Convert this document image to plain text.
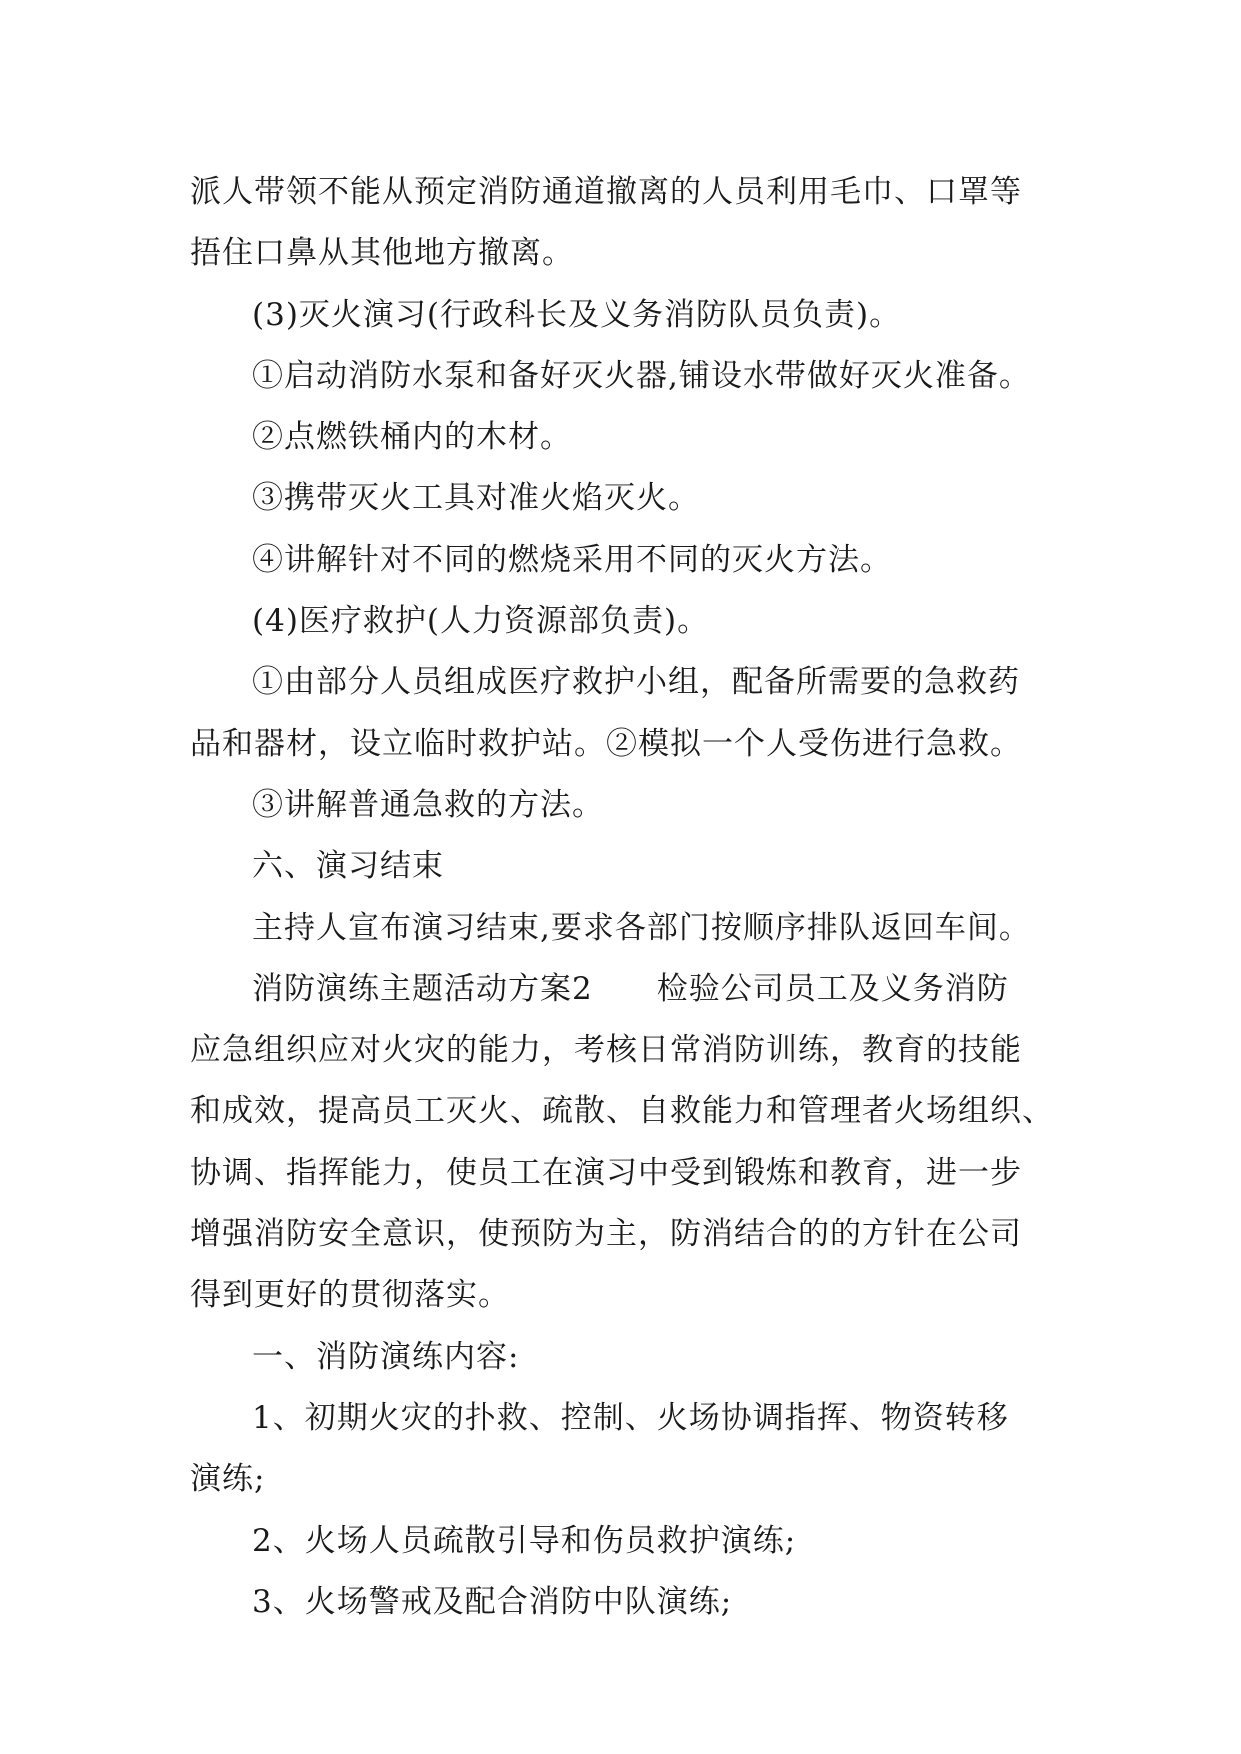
派人带领不能从预定消防通道撤离的人员利用毛巾、口罩等
捂住口鼻从其他地方撤离。
(3)灭火演习(行政科长及义务消防队员负责)。
①启动消防水泵和备好灭火器,铺设水带做好灭火准备。
②点燃铁桶内的木材。
③携带灭火工具对准火焰灭火。
④讲解针对不同的燃烧采用不同的灭火方法。
(4)医疗救护(人力资源部负责)。
①由部分人员组成医疗救护小组，配备所需要的急救药
品和器材，设立临时救护站。②模拟一个人受伤进行急救。
③讲解普通急救的方法。
六、演习结束
主持人宣布演习结束,要求各部门按顺序排队返回车间。
消防演练主题活动方案2　　检验公司员工及义务消防
应急组织应对火灾的能力，考核日常消防训练，教育的技能
和成效，提高员工灭火、疏散、自救能力和管理者火场组织、
协调、指挥能力，使员工在演习中受到锻炼和教育，进一步
增强消防安全意识，使预防为主，防消结合的的方针在公司
得到更好的贯彻落实。
一、消防演练内容:
1、初期火灾的扑救、控制、火场协调指挥、物资转移
演练;
2、火场人员疏散引导和伤员救护演练;
3、火场警戒及配合消防中队演练;
